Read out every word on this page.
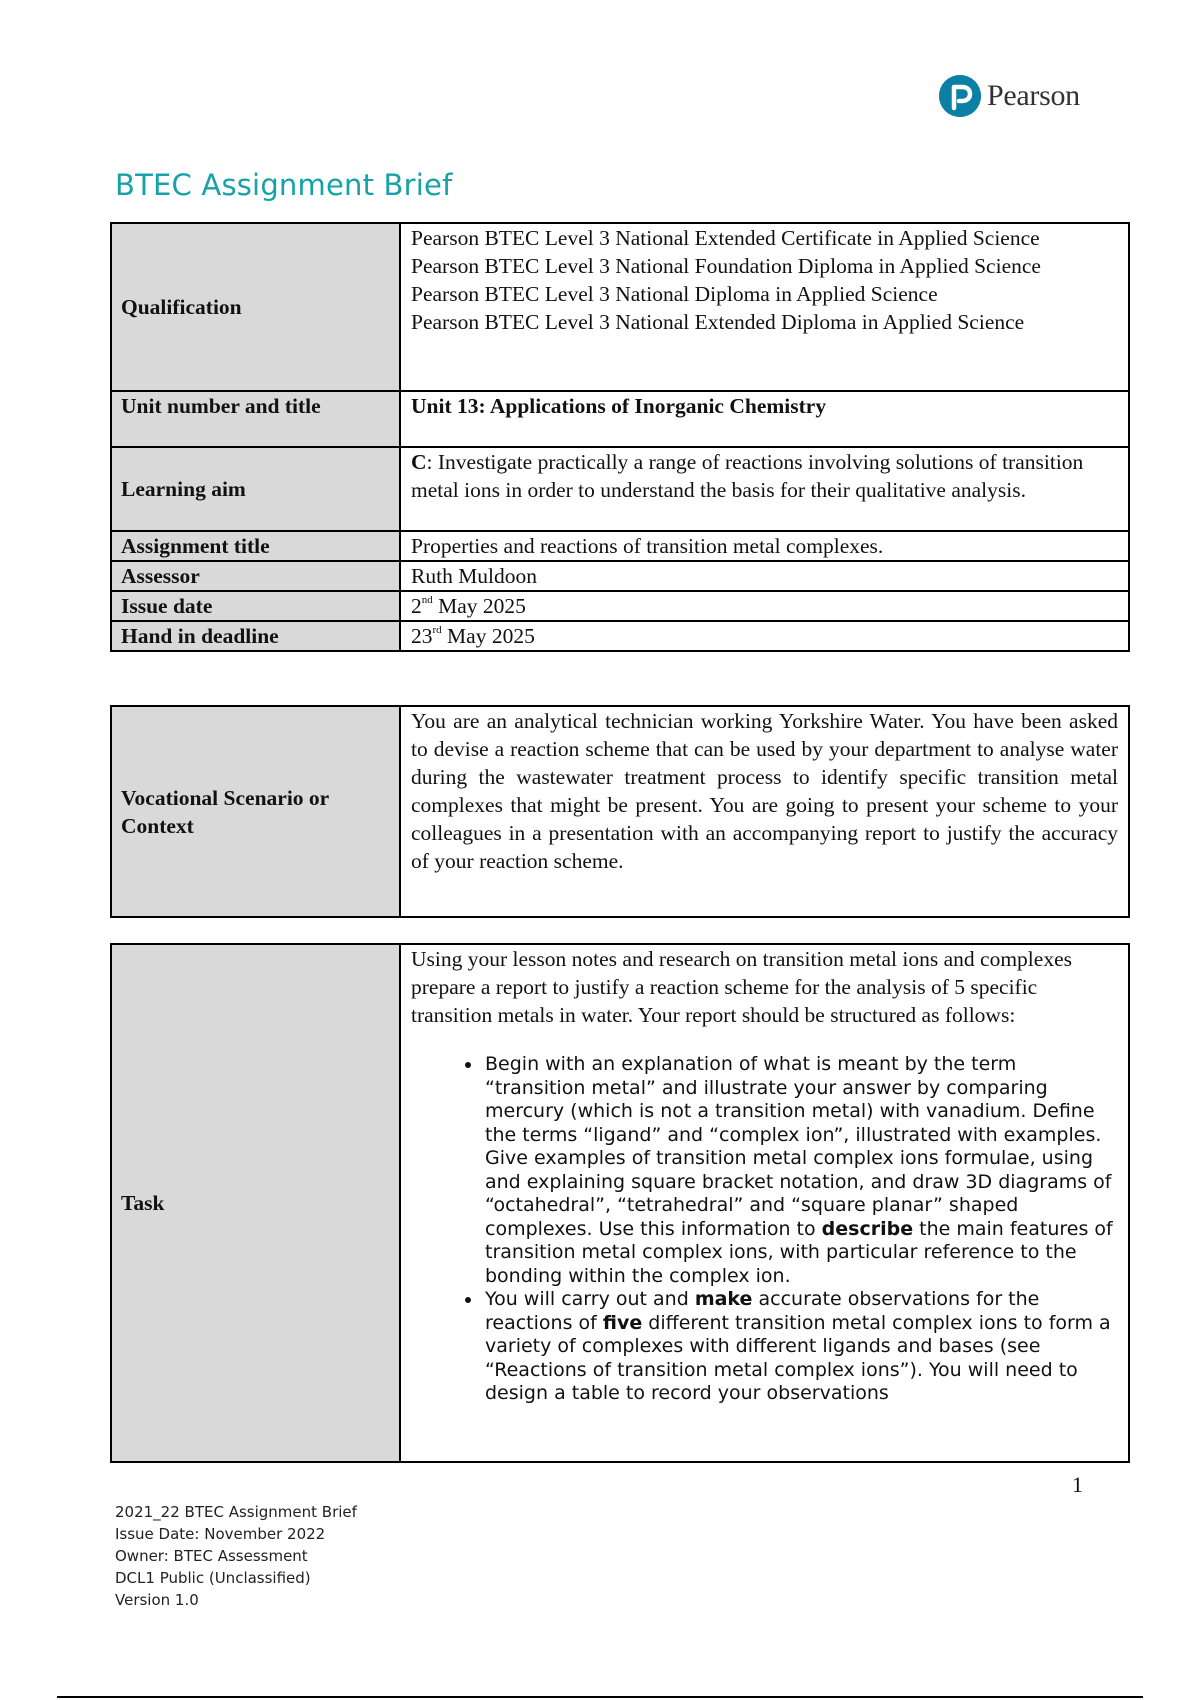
Pearson
BTEC Assignment Brief
Qualification	Pearson BTEC Level 3 National Extended Certificate in Applied Science
Pearson BTEC Level 3 National Foundation Diploma in Applied Science
Pearson BTEC Level 3 National Diploma in Applied Science
Pearson BTEC Level 3 National Extended Diploma in Applied Science

Unit number and title	Unit 13: Applications of Inorganic Chemistry
Learning aim	C: Investigate practically a range of reactions involving solutions of transition metal ions in order to understand the basis for their qualitative analysis.
Assignment title	Properties and reactions of transition metal complexes.
Assessor	Ruth Muldoon
Issue date	2nd May 2025
Hand in deadline	23rd May 2025
Vocational Scenario or Context	You are an analytical technician working Yorkshire Water. You have been asked to devise a reaction scheme that can be used by your department to analyse water during the wastewater treatment process to identify specific transition metal complexes that might be present. You are going to present your scheme to your colleagues in a presentation with an accompanying report to justify the accuracy of your reaction scheme.
Task	
Using your lesson notes and research on transition metal ions and complexes prepare a report to justify a reaction scheme for the analysis of 5 specific transition metals in water. Your report should be structured as follows:
• Begin with an explanation of what is meant by the term “transition metal” and illustrate your answer by comparing mercury (which is not a transition metal) with vanadium. Define the terms “ligand” and “complex ion”, illustrated with examples. Give examples of transition metal complex ions formulae, using and explaining square bracket notation, and draw 3D diagrams of “octahedral”, “tetrahedral” and “square planar” shaped complexes. Use this information to describe the main features of transition metal complex ions, with particular reference to the bonding within the complex ion.
• You will carry out and make accurate observations for the reactions of five different transition metal complex ions to form a variety of complexes with different ligands and bases (see “Reactions of transition metal complex ions”). You will need to design a table to record your observations
1
2021_22 BTEC Assignment Brief
Issue Date: November 2022
Owner: BTEC Assessment
DCL1 Public (Unclassified)
Version 1.0
